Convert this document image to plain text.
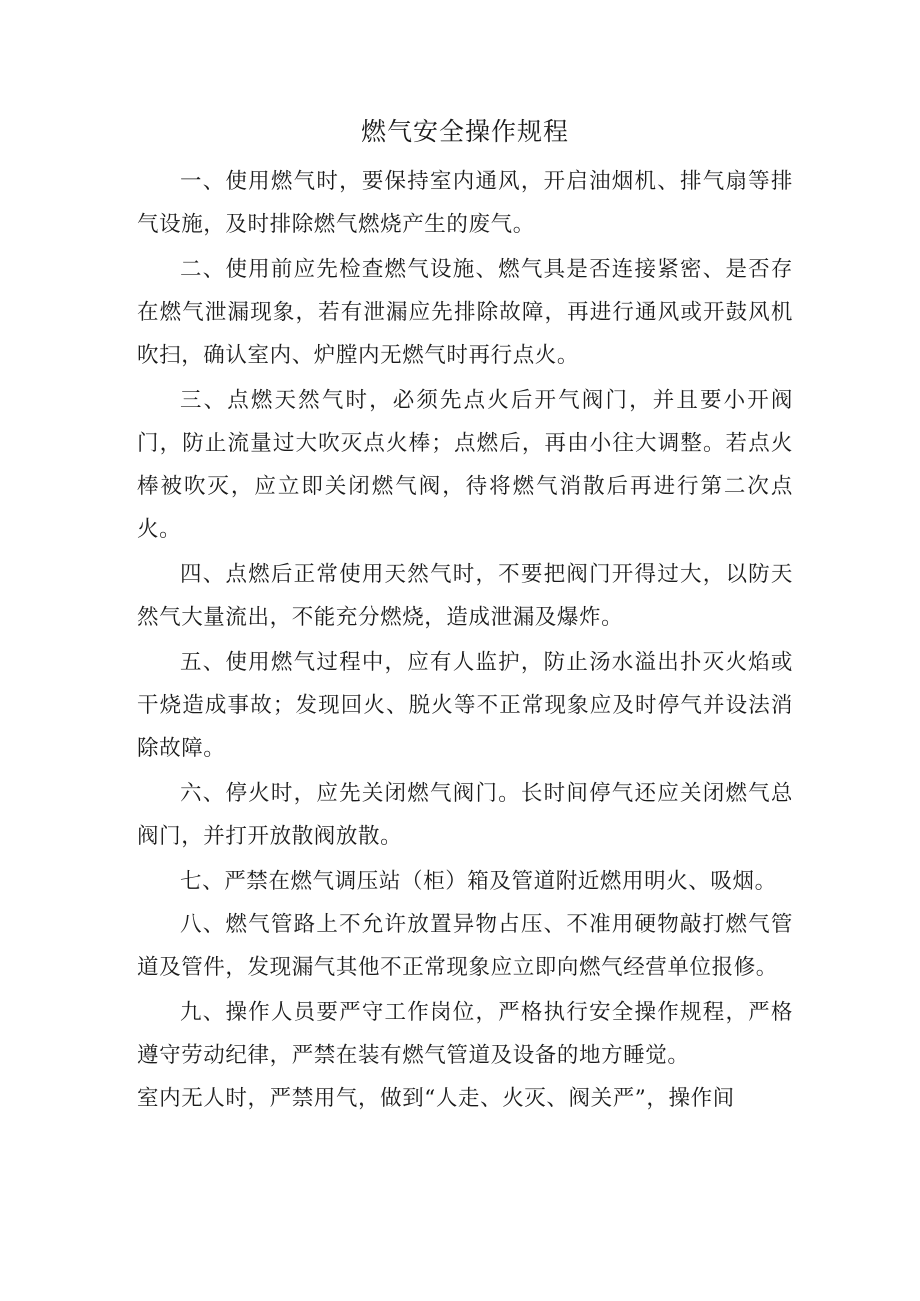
燃气安全操作规程

一、使用燃气时，要保持室内通风，开启油烟机、排气扇等排气设施，及时排除燃气燃烧产生的废气。

二、使用前应先检查燃气设施、燃气具是否连接紧密、是否存在燃气泄漏现象，若有泄漏应先排除故障，再进行通风或开鼓风机吹扫，确认室内、炉膛内无燃气时再行点火。

三、点燃天然气时，必须先点火后开气阀门，并且要小开阀门，防止流量过大吹灭点火棒；点燃后，再由小往大调整。若点火棒被吹灭，应立即关闭燃气阀，待将燃气消散后再进行第二次点火。

四、点燃后正常使用天然气时，不要把阀门开得过大，以防天然气大量流出，不能充分燃烧，造成泄漏及爆炸。

五、使用燃气过程中，应有人监护，防止汤水溢出扑灭火焰或干烧造成事故；发现回火、脱火等不正常现象应及时停气并设法消除故障。

六、停火时，应先关闭燃气阀门。长时间停气还应关闭燃气总阀门，并打开放散阀放散。

七、严禁在燃气调压站（柜）箱及管道附近燃用明火、吸烟。

八、燃气管路上不允许放置异物占压、不准用硬物敲打燃气管道及管件，发现漏气其他不正常现象应立即向燃气经营单位报修。

九、操作人员要严守工作岗位，严格执行安全操作规程，严格遵守劳动纪律，严禁在装有燃气管道及设备的地方睡觉。

室内无人时，严禁用气，做到“人走、火灭、阀关严”，操作间
